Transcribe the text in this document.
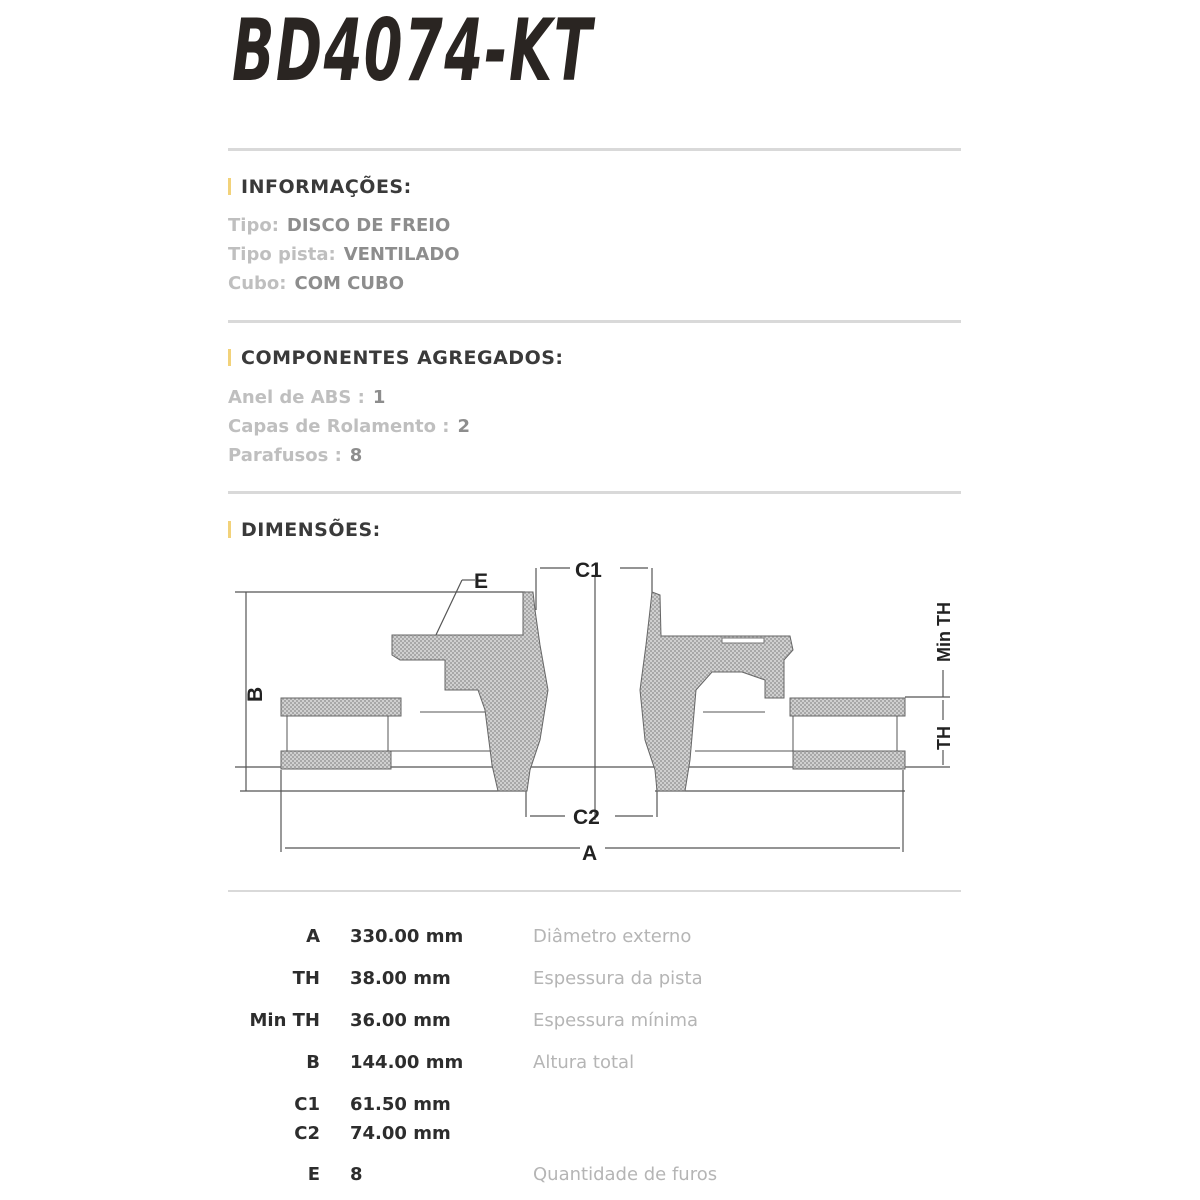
BD4074-KT
INFORMAÇÕES:
Tipo: DISCO DE FREIO
Tipo pista: VENTILADO
Cubo: COM CUBO
COMPONENTES AGREGADOS:
Anel de ABS : 1
Capas de Rolamento : 2
Parafusos : 8
DIMENSÕES:
C1
C2
A
E
B
TH
Min TH
A 330.00 mm	Diâmetro externo
TH 38.00 mm	Espessura da pista
Min TH 36.00 mm	Espessura mínima
B 144.00 mm	Altura total
C1 61.50 mm
C2 74.00 mm
E 8	Quantidade de furos
